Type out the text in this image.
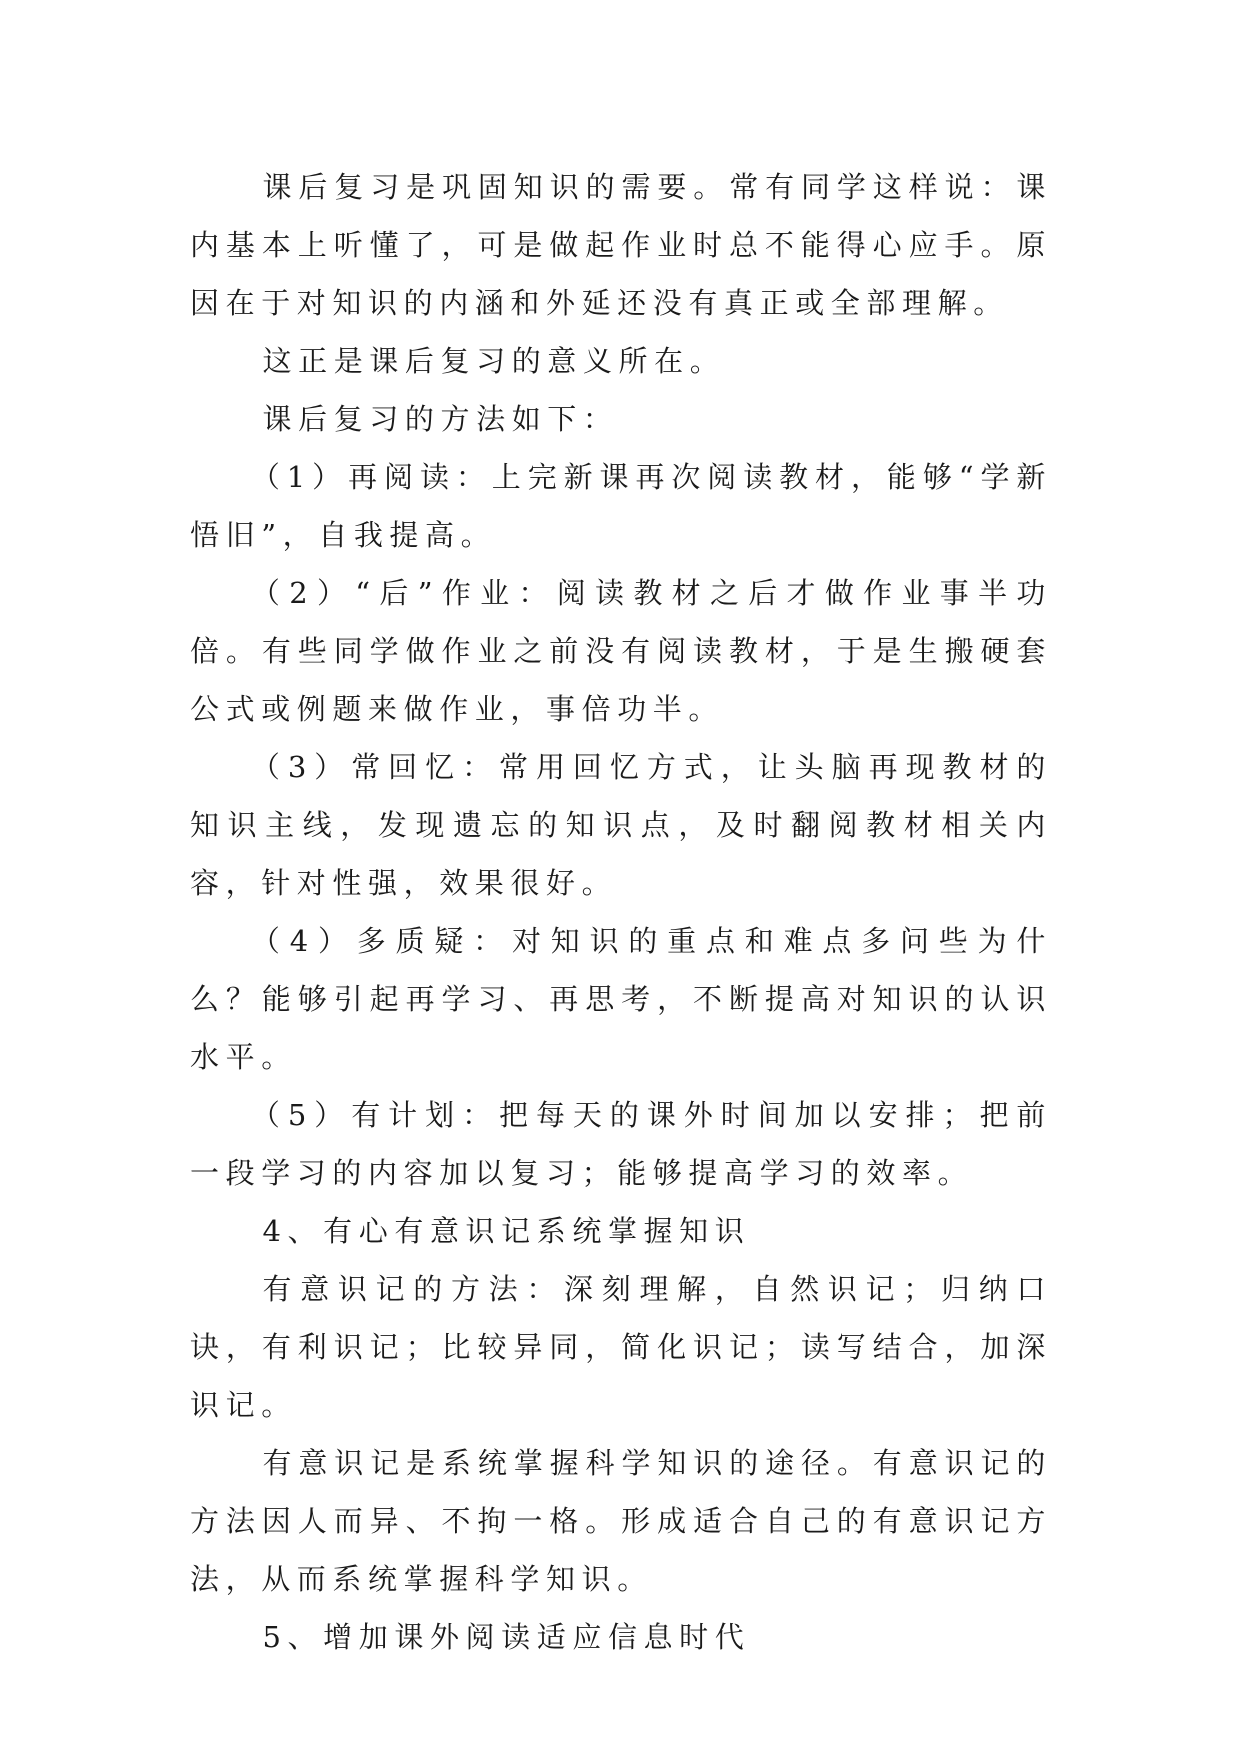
课后复习是巩固知识的需要。常有同学这样说：课内基本上听懂了，可是做起作业时总不能得心应手。原因在于对知识的内涵和外延还没有真正或全部理解。

这正是课后复习的意义所在。

课后复习的方法如下：

（1）再阅读：上完新课再次阅读教材，能够“学新悟旧”，自我提高。

（2）“后”作业：阅读教材之后才做作业事半功倍。有些同学做作业之前没有阅读教材，于是生搬硬套公式或例题来做作业，事倍功半。

（3）常回忆：常用回忆方式，让头脑再现教材的知识主线，发现遗忘的知识点，及时翻阅教材相关内容，针对性强，效果很好。

（4）多质疑：对知识的重点和难点多问些为什么？能够引起再学习、再思考，不断提高对知识的认识水平。

（5）有计划：把每天的课外时间加以安排；把前一段学习的内容加以复习；能够提高学习的效率。

4、有心有意识记系统掌握知识

有意识记的方法：深刻理解，自然识记；归纳口诀，有利识记；比较异同，简化识记；读写结合，加深识记。

有意识记是系统掌握科学知识的途径。有意识记的方法因人而异、不拘一格。形成适合自己的有意识记方法，从而系统掌握科学知识。

5、增加课外阅读适应信息时代
